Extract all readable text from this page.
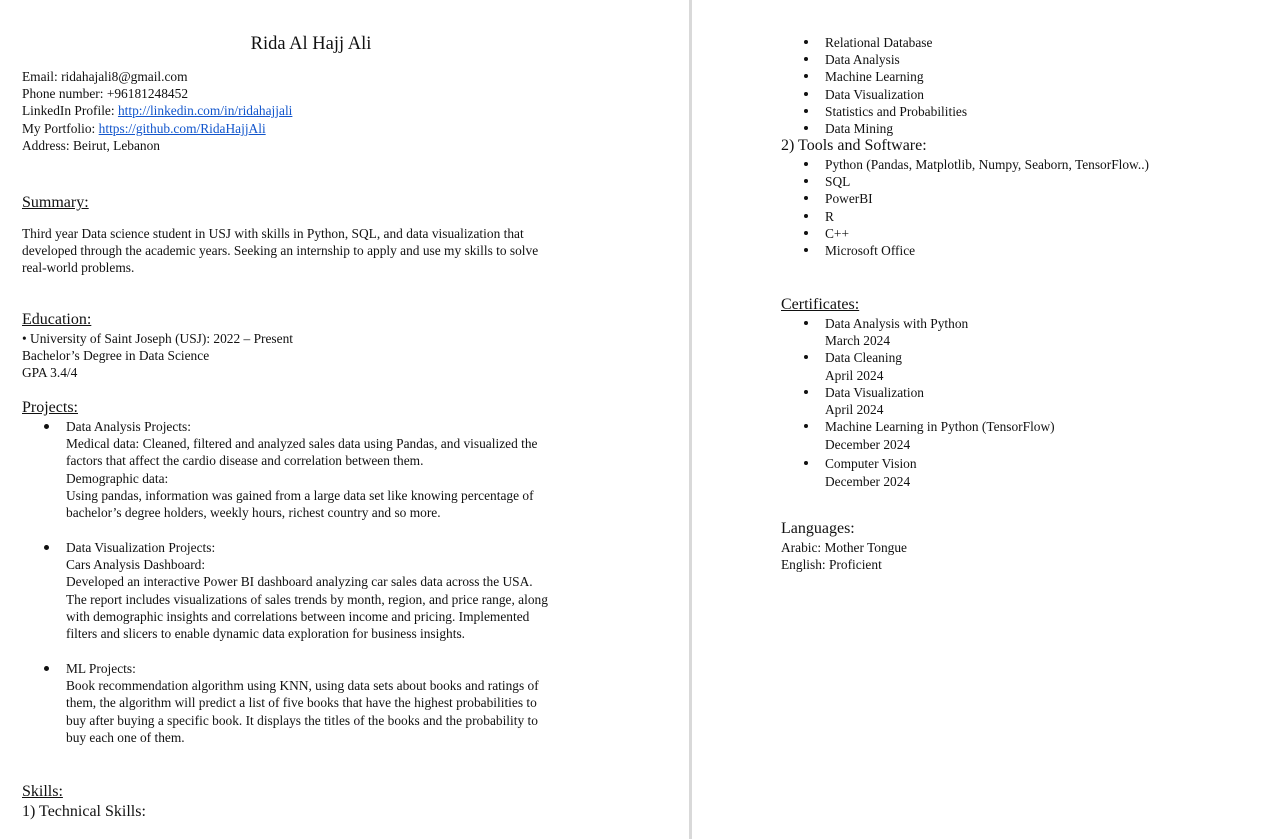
Rida Al Hajj Ali
Email: ridahajali8@gmail.com
Phone number: +96181248452
LinkedIn Profile: http://linkedin.com/in/ridahajjali
My Portfolio: https://github.com/RidaHajjAli
Address: Beirut, Lebanon
Summary:
Third year Data science student in USJ with skills in Python, SQL, and data visualization that
developed through the academic years. Seeking an internship to apply and use my skills to solve
real-world problems.
Education:
• University of Saint Joseph (USJ): 2022 – Present
Bachelor’s Degree in Data Science
GPA 3.4/4
Projects:
Data Analysis Projects:
Medical data: Cleaned, filtered and analyzed sales data using Pandas, and visualized the
factors that affect the cardio disease and correlation between them.
Demographic data:
Using pandas, information was gained from a large data set like knowing percentage of
bachelor’s degree holders, weekly hours, richest country and so more.
Data Visualization Projects:
Cars Analysis Dashboard:
Developed an interactive Power BI dashboard analyzing car sales data across the USA.
The report includes visualizations of sales trends by month, region, and price range, along
with demographic insights and correlations between income and pricing. Implemented
filters and slicers to enable dynamic data exploration for business insights.
ML Projects:
Book recommendation algorithm using KNN, using data sets about books and ratings of
them, the algorithm will predict a list of five books that have the highest probabilities to
buy after buying a specific book. It displays the titles of the books and the probability to
buy each one of them.
Skills:
1) Technical Skills:
Relational Database
Data Analysis
Machine Learning
Data Visualization
Statistics and Probabilities
Data Mining
2) Tools and Software:
Python (Pandas, Matplotlib, Numpy, Seaborn, TensorFlow..)
SQL
PowerBI
R
C++
Microsoft Office
Certificates:
Data Analysis with Python
March 2024
Data Cleaning
April 2024
Data Visualization
April 2024
Machine Learning in Python (TensorFlow)
December 2024
Computer Vision
December 2024
Languages:
Arabic: Mother Tongue
English: Proficient
